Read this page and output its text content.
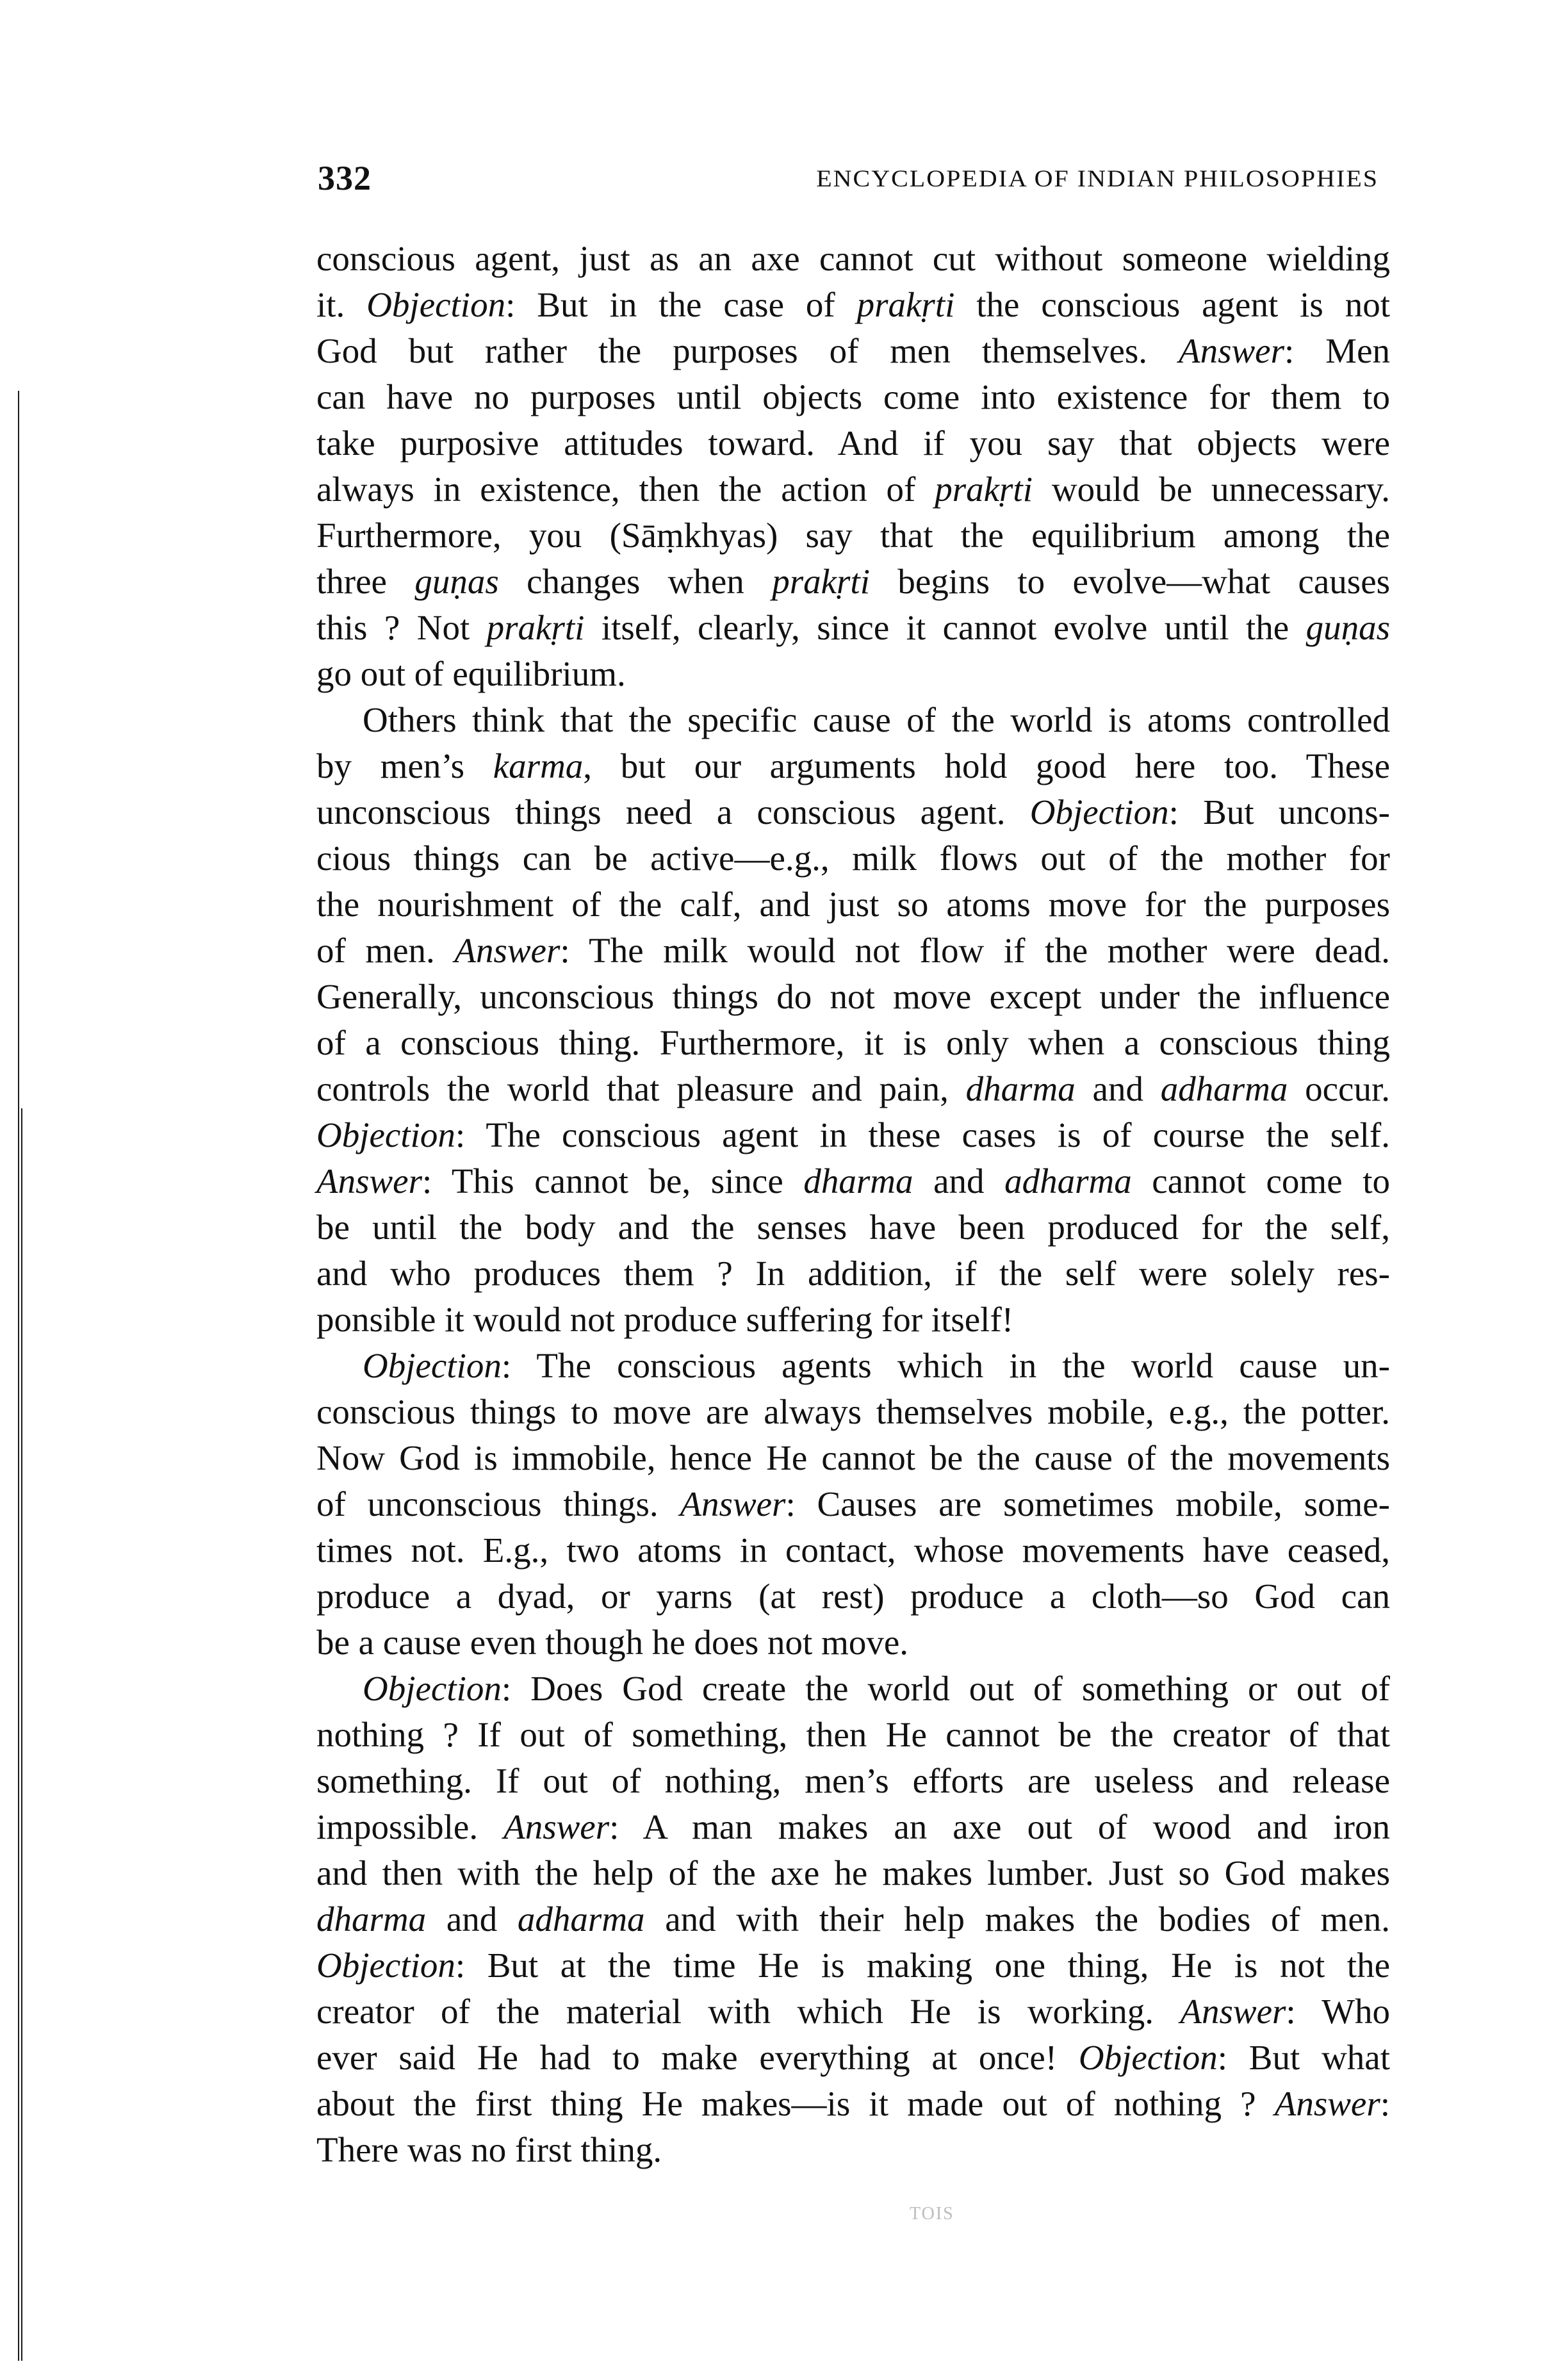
332	ENCYCLOPEDIA OF INDIAN PHILOSOPHIES
conscious agent, just as an axe cannot cut without someone wielding
it. Objection: But in the case of prakṛti the conscious agent is not
God but rather the purposes of men themselves. Answer: Men
can have no purposes until objects come into existence for them to
take purposive attitudes toward. And if you say that objects were
always in existence, then the action of prakṛti would be unnecessary.
Furthermore, you (Sāṃkhyas) say that the equilibrium among the
three guṇas changes when prakṛti begins to evolve—what causes
this ? Not prakṛti itself, clearly, since it cannot evolve until the guṇas
go out of equilibrium.
Others think that the specific cause of the world is atoms controlled
by men’s karma, but our arguments hold good here too. These
unconscious things need a conscious agent. Objection: But uncons-
cious things can be active—e.g., milk flows out of the mother for
the nourishment of the calf, and just so atoms move for the purposes
of men. Answer: The milk would not flow if the mother were dead.
Generally, unconscious things do not move except under the influence
of a conscious thing. Furthermore, it is only when a conscious thing
controls the world that pleasure and pain, dharma and adharma occur.
Objection: The conscious agent in these cases is of course the self.
Answer: This cannot be, since dharma and adharma cannot come to
be until the body and the senses have been produced for the self,
and who produces them ? In addition, if the self were solely res-
ponsible it would not produce suffering for itself!
Objection: The conscious agents which in the world cause un-
conscious things to move are always themselves mobile, e.g., the potter.
Now God is immobile, hence He cannot be the cause of the movements
of unconscious things. Answer: Causes are sometimes mobile, some-
times not. E.g., two atoms in contact, whose movements have ceased,
produce a dyad, or yarns (at rest) produce a cloth—so God can
be a cause even though he does not move.
Objection: Does God create the world out of something or out of
nothing ? If out of something, then He cannot be the creator of that
something. If out of nothing, men’s efforts are useless and release
impossible. Answer: A man makes an axe out of wood and iron
and then with the help of the axe he makes lumber. Just so God makes
dharma and adharma and with their help makes the bodies of men.
Objection: But at the time He is making one thing, He is not the
creator of the material with which He is working. Answer: Who
ever said He had to make everything at once! Objection: But what
about the first thing He makes—is it made out of nothing ? Answer:
There was no first thing.
TOIS
